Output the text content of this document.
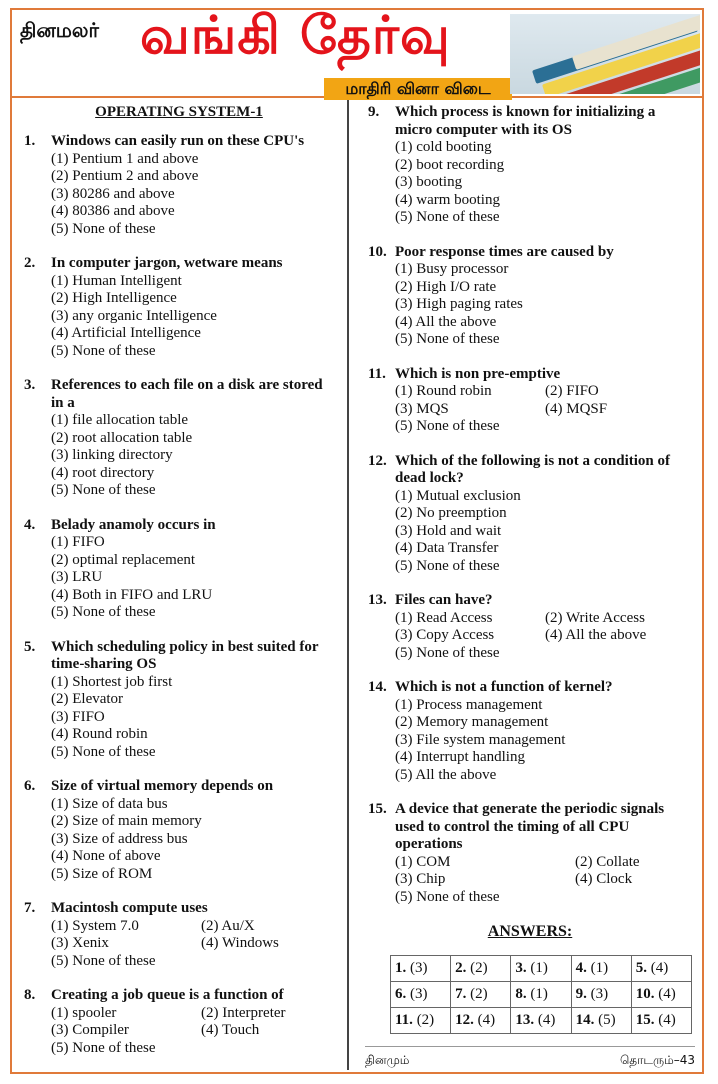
தினமலர் வங்கி தேர்வு
மாதிரி வினா விடை
OPERATING SYSTEM-1
1.	Windows can easily run on these CPU's
(1) Pentium 1 and above
(2) Pentium 2 and above
(3) 80286 and above
(4) 80386 and above
(5) None of these
2.	In computer jargon, wetware means
(1) Human Intelligent
(2) High Intelligence
(3) any organic Intelligence
(4) Artificial Intelligence
(5) None of these
3.	References to each file on a disk are stored in a
(1) file allocation table
(2) root allocation table
(3) linking directory
(4) root directory
(5) None of these
4.	Belady anamoly occurs in
(1) FIFO
(2) optimal replacement
(3) LRU
(4) Both in FIFO and LRU
(5) None of these
5.	Which scheduling policy in best suited for time-sharing OS
(1) Shortest job first
(2) Elevator
(3) FIFO
(4) Round robin
(5) None of these
6.	Size of virtual memory depends on
(1) Size of data bus
(2) Size of main memory
(3) Size of address bus
(4) None of above
(5) Size of ROM
7.	Macintosh compute uses
(1) System 7.0	(2) Au/X
(3) Xenix	(4) Windows
(5) None of these
8.	Creating a job queue is a function of
(1) spooler	(2) Interpreter
(3) Compiler	(4) Touch
(5) None of these
9.	Which process is known for initializing a micro computer with its OS
(1) cold booting
(2) boot recording
(3) booting
(4) warm booting
(5) None of these
10. Poor response times are caused by
(1) Busy processor
(2) High I/O rate
(3) High paging rates
(4) All the above
(5) None of these
11. Which is non pre-emptive
(1) Round robin	(2) FIFO
(3) MQS	(4) MQSF
(5) None of these
12. Which of the following is not a condition of dead lock?
(1) Mutual exclusion
(2) No preemption
(3) Hold and wait
(4) Data Transfer
(5) None of these
13. Files can have?
(1) Read Access	(2) Write Access
(3) Copy Access	(4) All the above
(5) None of these
14. Which is not a function of kernel?
(1) Process management
(2) Memory management
(3) File system management
(4) Interrupt handling
(5) All the above
15. A device that generate the periodic signals used to control the timing of all CPU operations
(1) COM	(2) Collate
(3) Chip	(4) Clock
(5) None of these
ANSWERS:
1. (3)	2. (2)	3. (1)	4. (1)	5. (4)
6. (3)	7. (2)	8. (1)	9. (3)	10. (4)
11. (2)	12. (4)	13. (4)	14. (5)	15. (4)
தினமும்	தொடரும்–43
